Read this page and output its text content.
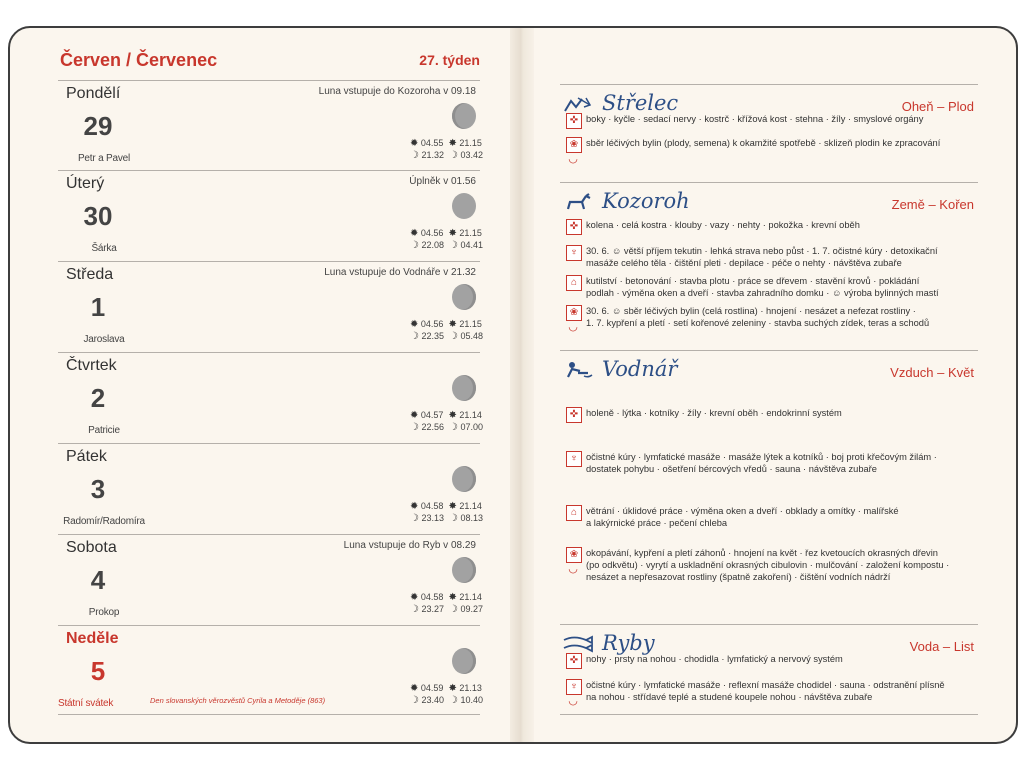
Červen / Červenec	27. týden
Pondělí
29
Petr a Pavel
Luna vstupuje do Kozoroha v 09.18
✹ 04.55 ✸ 21.15
☽ 21.32 ☽ 03.42
Úterý
30
Šárka
Úplněk v 01.56
✹ 04.56 ✸ 21.15
☽ 22.08 ☽ 04.41
Středa
1
Jaroslava
Luna vstupuje do Vodnáře v 21.32
✹ 04.56 ✸ 21.15
☽ 22.35 ☽ 05.48
Čtvrtek
2
Patricie
✹ 04.57 ✸ 21.14
☽ 22.56 ☽ 07.00
Pátek
3
Radomír/Radomíra
✹ 04.58 ✸ 21.14
☽ 23.13 ☽ 08.13
Sobota
4
Prokop
Luna vstupuje do Ryb v 08.29
✹ 04.58 ✸ 21.14
☽ 23.27 ☽ 09.27
Neděle
5
Státní svátek	Den slovanských věrozvěstů Cyrila a Metoděje (863)
✹ 04.59 ✸ 21.13
☽ 23.40 ☽ 10.40
Střelec	Oheň – Plod
✜ boky · kyčle · sedací nervy · kostrč · křížová kost · stehna · žíly · smyslové orgány
❀ sběr léčivých bylin (plody, semena) k okamžité spotřebě · sklizeň plodin ke zpracování
◡
Kozoroh	Země – Kořen
✜ kolena · celá kostra · klouby · vazy · nehty · pokožka · krevní oběh
♆ 30. 6. ☺ větší příjem tekutin · lehká strava nebo půst · 1. 7. očistné kúry · detoxikační
masáže celého těla · čištění pleti · depilace · péče o nehty · návštěva zubaře
⌂ kutilství · betonování · stavba plotu · práce se dřevem · stavění krovů · pokládání
podlah · výměna oken a dveří · stavba zahradního domku · ☺ výroba bylinných mastí
❀ 30. 6. ☺ sběr léčivých bylin (celá rostlina) · hnojení · nesázet a nefezat rostliny ·
1. 7. kypření a pletí · setí kořenové zeleniny · stavba suchých zídek, teras a schodů
◡
Vodnář	Vzduch – Květ
✜ holeně · lýtka · kotníky · žíly · krevní oběh · endokrinní systém
♆ očistné kúry · lymfatické masáže · masáže lýtek a kotníků · boj proti křečovým žilám ·
dostatek pohybu · ošetření bércových vředů · sauna · návštěva zubaře
⌂ větrání · úklidové práce · výměna oken a dveří · obklady a omítky · malířské
a lakýrnické práce · pečení chleba
❀ okopávání, kypření a pletí záhonů · hnojení na květ · řez kvetoucích okrasných dřevin
(po odkvětu) · vyrytí a uskladnění okrasných cibulovin · mulčování · založení kompostu ·
nesázet a nepřesazovat rostliny (špatně zakoření) · čištění vodních nádrží
◡
Ryby	Voda – List
✜ nohy · prsty na nohou · chodidla · lymfatický a nervový systém
♆ očistné kúry · lymfatické masáže · reflexní masáže chodidel · sauna · odstranění plísně
na nohou · střídavé teplé a studené koupele nohou · návštěva zubaře
◡
